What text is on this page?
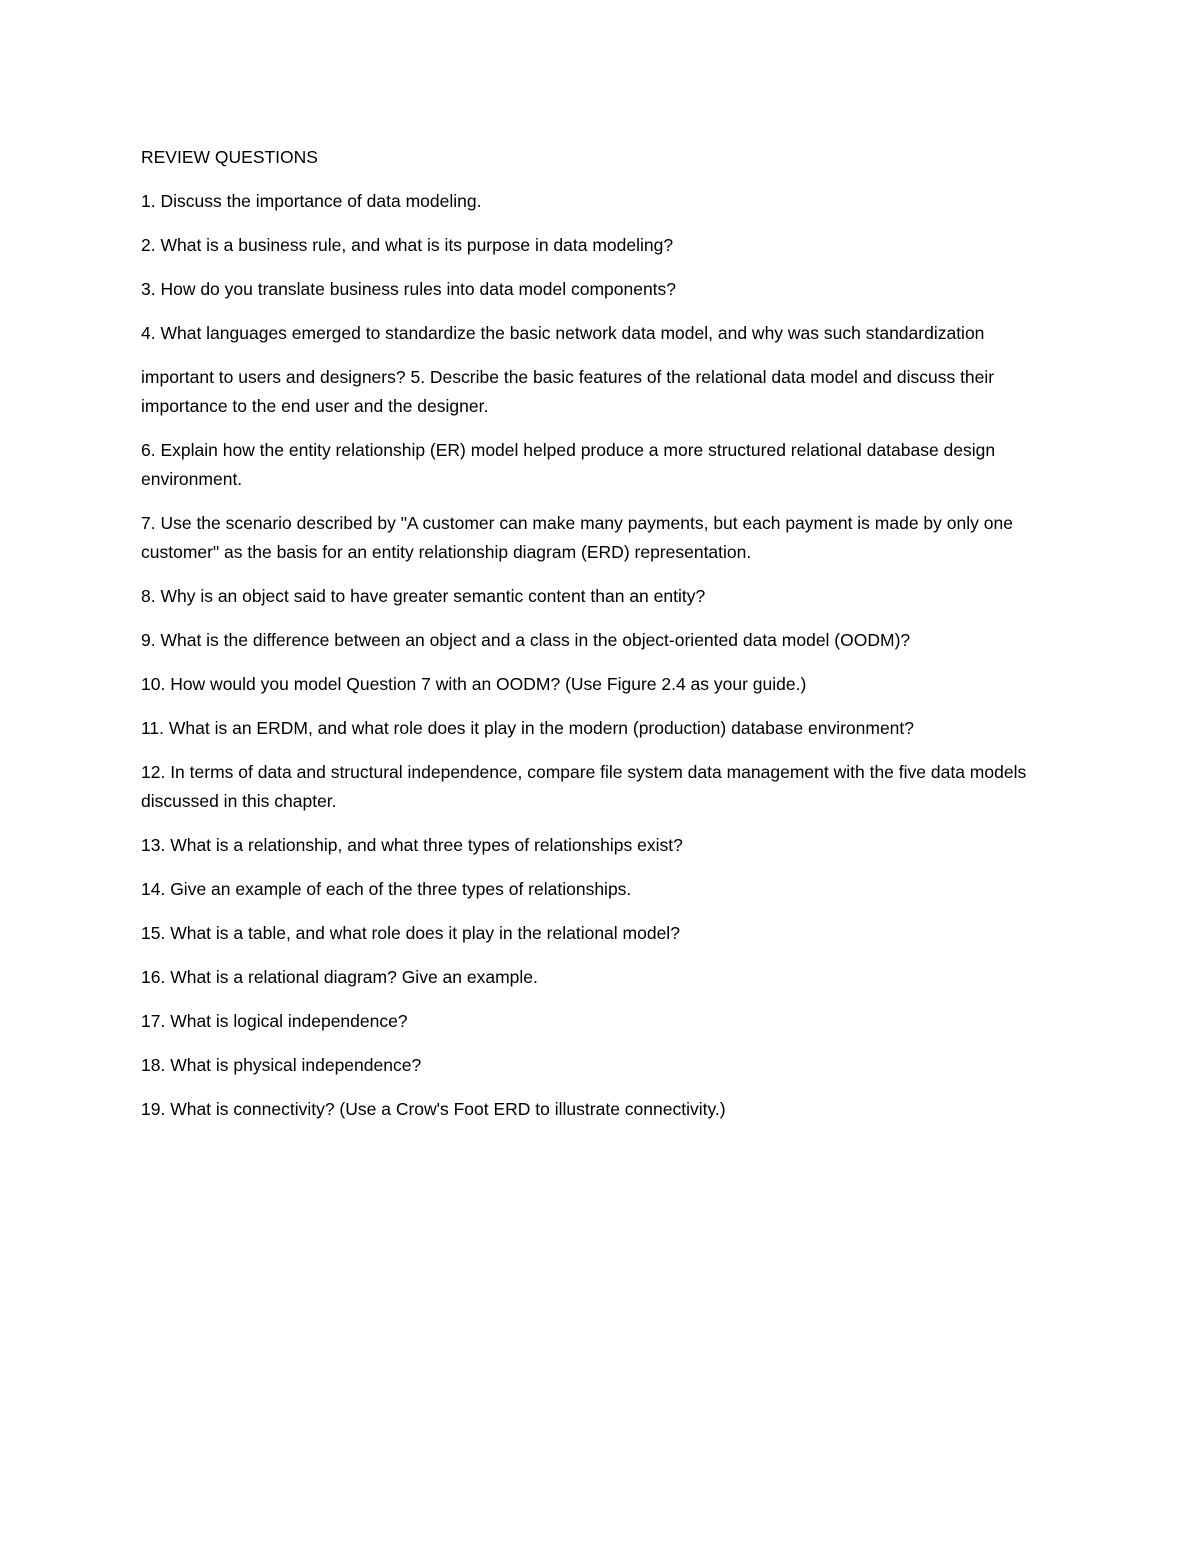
REVIEW QUESTIONS
1. Discuss the importance of data modeling.
2. What is a business rule, and what is its purpose in data modeling?
3. How do you translate business rules into data model components?
4. What languages emerged to standardize the basic network data model, and why was such standardization
important to users and designers? 5. Describe the basic features of the relational data model and discuss their importance to the end user and the designer.
6. Explain how the entity relationship (ER) model helped produce a more structured relational database design environment.
7. Use the scenario described by "A customer can make many payments, but each payment is made by only one customer" as the basis for an entity relationship diagram (ERD) representation.
8. Why is an object said to have greater semantic content than an entity?
9. What is the difference between an object and a class in the object-oriented data model (OODM)?
10. How would you model Question 7 with an OODM? (Use Figure 2.4 as your guide.)
11. What is an ERDM, and what role does it play in the modern (production) database environment?
12. In terms of data and structural independence, compare file system data management with the five data models discussed in this chapter.
13. What is a relationship, and what three types of relationships exist?
14. Give an example of each of the three types of relationships.
15. What is a table, and what role does it play in the relational model?
16. What is a relational diagram? Give an example.
17. What is logical independence?
18. What is physical independence?
19. What is connectivity? (Use a Crow's Foot ERD to illustrate connectivity.)
